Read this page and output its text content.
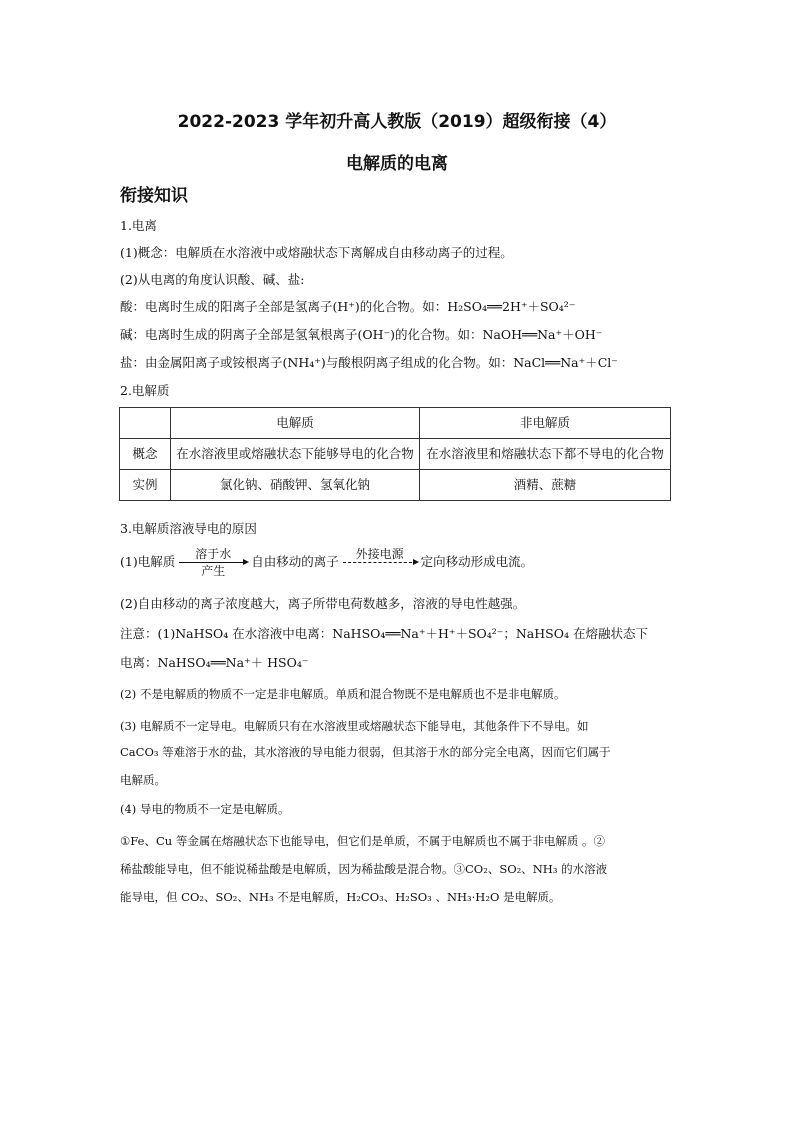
2022-2023 学年初升高人教版（2019）超级衔接（4）
电解质的电离
衔接知识
1.电离
(1)概念：电解质在水溶液中或熔融状态下离解成自由移动离子的过程。
(2)从电离的角度认识酸、碱、盐:
酸：电离时生成的阳离子全部是氢离子(H⁺)的化合物。如：H₂SO₄══2H⁺＋SO₄²⁻
碱：电离时生成的阴离子全部是氢氧根离子(OH⁻)的化合物。如：NaOH══Na⁺＋OH⁻
盐：由金属阳离子或铵根离子(NH₄⁺)与酸根阴离子组成的化合物。如：NaCl══Na⁺＋Cl⁻
2.电解质
	电解质	非电解质
概念	在水溶液里或熔融状态下能够导电的化合物	在水溶液里和熔融状态下都不导电的化合物
实例	氯化钠、硝酸钾、氢氧化钠	酒精、蔗糖
3.电解质溶液导电的原因
(1)电解质	溶于水
产生
自由移动的离子	外接电源	定向移动形成电流。
(2)自由移动的离子浓度越大，离子所带电荷数越多，溶液的导电性越强。
注意：(1)NaHSO₄ 在水溶液中电离：NaHSO₄══Na⁺＋H⁺＋SO₄²⁻；NaHSO₄ 在熔融状态下
电离：NaHSO₄══Na⁺＋ HSO₄⁻
(2) 不是电解质的物质不一定是非电解质。单质和混合物既不是电解质也不是非电解质。
(3) 电解质不一定导电。电解质只有在水溶液里或熔融状态下能导电，其他条件下不导电。如
CaCO₃ 等难溶于水的盐，其水溶液的导电能力很弱，但其溶于水的部分完全电离，因而它们属于
电解质。
(4) 导电的物质不一定是电解质。
①Fe、Cu 等金属在熔融状态下也能导电，但它们是单质，不属于电解质也不属于非电解质 。②
稀盐酸能导电，但不能说稀盐酸是电解质，因为稀盐酸是混合物。③CO₂、SO₂、NH₃ 的水溶液
能导电，但 CO₂、SO₂、NH₃ 不是电解质，H₂CO₃、H₂SO₃ 、NH₃·H₂O 是电解质。
